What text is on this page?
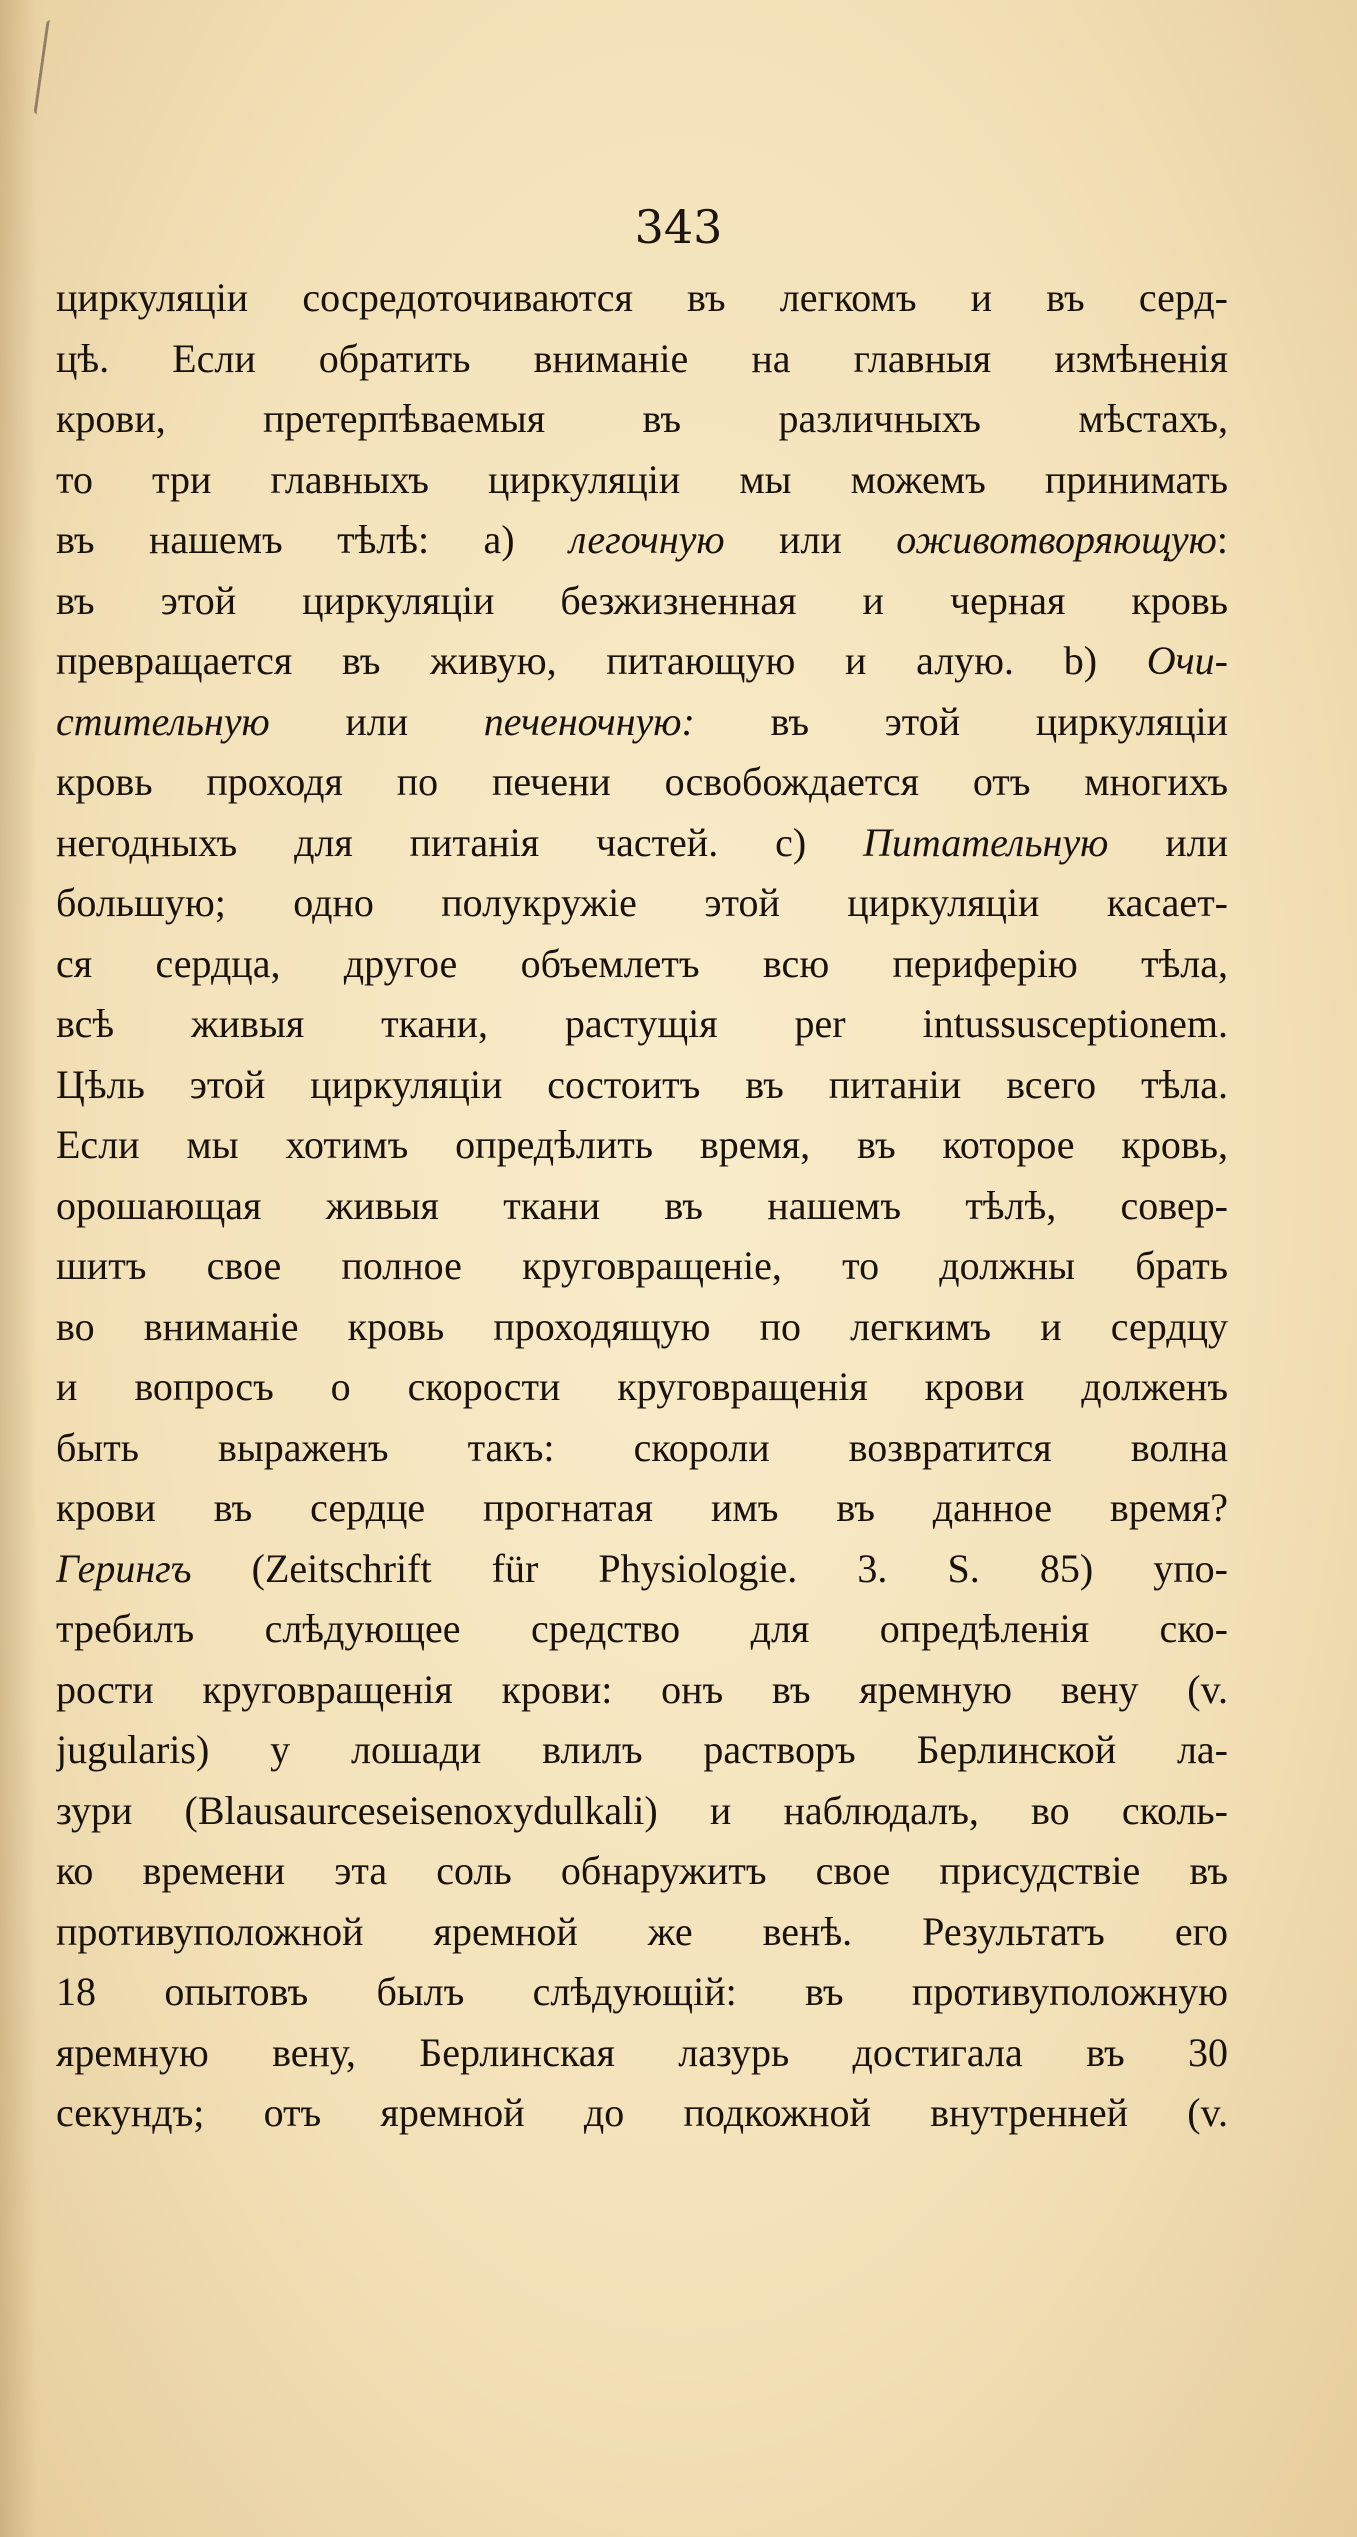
343
циркуляціи сосредоточиваются въ легкомъ и въ серд-
цѣ. Если обратить вниманіе на главныя измѣненія
крови, претерпѣваемыя въ различныхъ мѣстахъ,
то три главныхъ циркуляціи мы можемъ принимать
въ нашемъ тѣлѣ: а) легочную или оживотворяющую:
въ этой циркуляціи безжизненная и черная кровь
превращается въ живую, питающую и алую. b) Очи-
стительную или печеночную: въ этой циркуляціи
кровь проходя по печени освобождается отъ многихъ
негодныхъ для питанія частей. с) Питательную или
большую; одно полукружіе этой циркуляціи касает-
ся сердца, другое объемлетъ всю периферію тѣла,
всѣ живыя ткани, растущія per intussusceptionem.
Цѣль этой циркуляціи состоитъ въ питаніи всего тѣла.
Если мы хотимъ опредѣлить время, въ которое кровь,
орошающая живыя ткани въ нашемъ тѣлѣ, совер-
шитъ свое полное круговращеніе, то должны брать
во вниманіе кровь проходящую по легкимъ и сердцу
и вопросъ о скорости круговращенія крови долженъ
быть выраженъ такъ: скороли возвратится волна
крови въ сердце прогнатая имъ въ данное время?
Герингъ (Zeitschrift für Physiologie. 3. S. 85) упо-
требилъ слѣдующее средство для опредѣленія ско-
рости круговращенія крови: онъ въ яремную вену (v.
jugularis) у лошади влилъ растворъ Берлинской ла-
зури (Blausaurceseisenoxydulkali) и наблюдалъ, во сколь-
ко времени эта соль обнаружитъ свое присудствіе въ
противуположной яремной же венѣ. Результатъ его
18 опытовъ былъ слѣдующій: въ противуположную
яремную вену, Берлинская лазурь достигала въ 30
секундъ; отъ яремной до подкожной внутренней (v.
